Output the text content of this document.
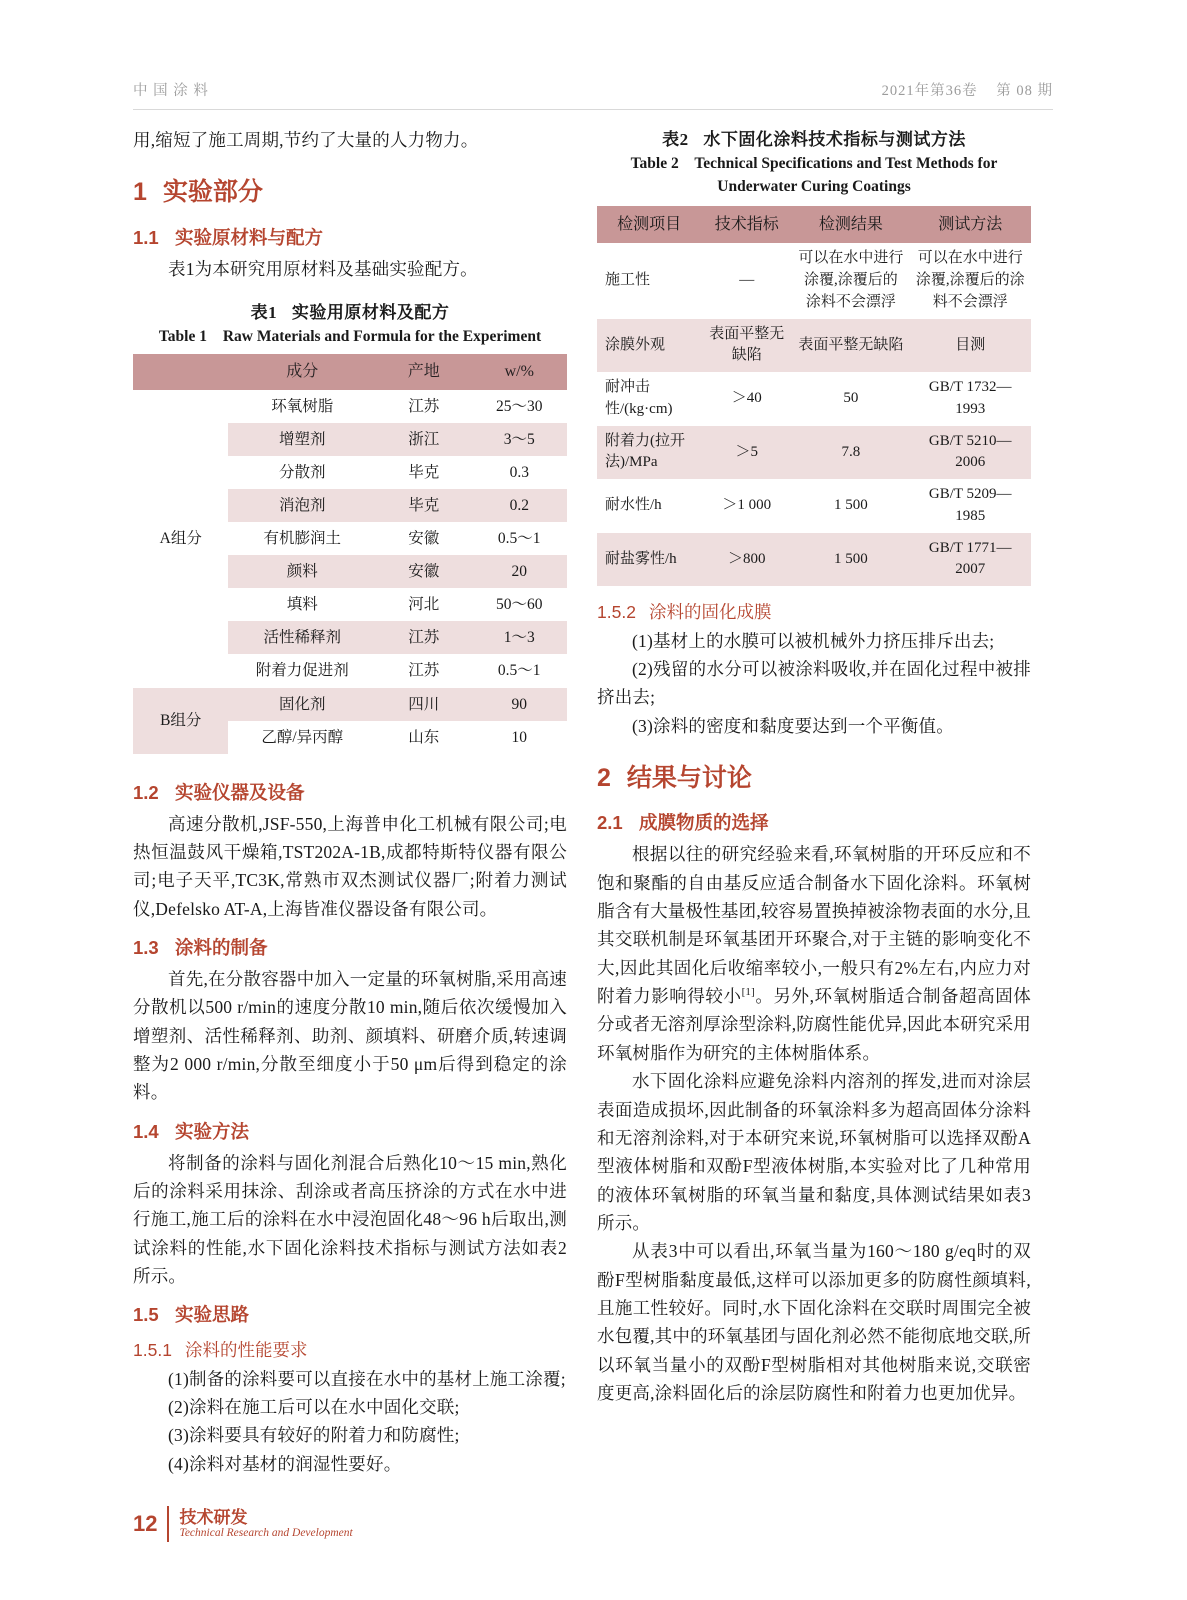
中 国 涂 料	2021年第36卷 第 08 期

用,缩短了施工周期,节约了大量的人力物力。

1 实验部分
1.1 实验原材料与配方

表1为本研究用原材料及基础实验配方。

表1 实验用原材料及配方
Table 1 Raw Materials and Formula for the Experiment
	成分	产地	w/%
A组分	环氧树脂	江苏	25～30
	增塑剂	浙江	3～5
	分散剂	毕克	0.3
	消泡剂	毕克	0.2
	有机膨润土	安徽	0.5～1
	颜料	安徽	20
	填料	河北	50～60
	活性稀释剂	江苏	1～3
	附着力促进剂	江苏	0.5～1
B组分	固化剂	四川	90
	乙醇/异丙醇	山东	10
1.2 实验仪器及设备

高速分散机,JSF-550,上海普申化工机械有限公司;电热恒温鼓风干燥箱,TST202A-1B,成都特斯特仪器有限公司;电子天平,TC3K,常熟市双杰测试仪器厂;附着力测试仪,Defelsko AT-A,上海皆准仪器设备有限公司。

1.3 涂料的制备

首先,在分散容器中加入一定量的环氧树脂,采用高速分散机以500 r/min的速度分散10 min,随后依次缓慢加入增塑剂、活性稀释剂、助剂、颜填料、研磨介质,转速调整为2 000 r/min,分散至细度小于50 μm后得到稳定的涂料。

1.4 实验方法

将制备的涂料与固化剂混合后熟化10～15 min,熟化后的涂料采用抹涂、刮涂或者高压挤涂的方式在水中进行施工,施工后的涂料在水中浸泡固化48～96 h后取出,测试涂料的性能,水下固化涂料技术指标与测试方法如表2所示。

1.5 实验思路
1.5.1 涂料的性能要求

(1)制备的涂料要可以直接在水中的基材上施工涂覆;

(2)涂料在施工后可以在水中固化交联;

(3)涂料要具有较好的附着力和防腐性;

(4)涂料对基材的润湿性要好。

表2 水下固化涂料技术指标与测试方法
Table 2 Technical Specifications and Test Methods for
Underwater Curing Coatings
检测项目	技术指标	检测结果	测试方法
施工性	—	可以在水中进行涂覆,涂覆后的涂料不会漂浮	可以在水中进行涂覆,涂覆后的涂料不会漂浮
涂膜外观	表面平整无缺陷	表面平整无缺陷	目测
耐冲击性/(kg·cm)	＞40	50	GB/T 1732—1993
附着力(拉开法)/MPa	＞5	7.8	GB/T 5210—2006
耐水性/h	＞1 000	1 500	GB/T 5209—1985
耐盐雾性/h	＞800	1 500	GB/T 1771—2007
1.5.2 涂料的固化成膜

(1)基材上的水膜可以被机械外力挤压排斥出去;

(2)残留的水分可以被涂料吸收,并在固化过程中被排挤出去;

(3)涂料的密度和黏度要达到一个平衡值。

2 结果与讨论
2.1 成膜物质的选择

根据以往的研究经验来看,环氧树脂的开环反应和不饱和聚酯的自由基反应适合制备水下固化涂料。环氧树脂含有大量极性基团,较容易置换掉被涂物表面的水分,且其交联机制是环氧基团开环聚合,对于主链的影响变化不大,因此其固化后收缩率较小,一般只有2%左右,内应力对附着力影响得较小[1]。另外,环氧树脂适合制备超高固体分或者无溶剂厚涂型涂料,防腐性能优异,因此本研究采用环氧树脂作为研究的主体树脂体系。

水下固化涂料应避免涂料内溶剂的挥发,进而对涂层表面造成损坏,因此制备的环氧涂料多为超高固体分涂料和无溶剂涂料,对于本研究来说,环氧树脂可以选择双酚A型液体树脂和双酚F型液体树脂,本实验对比了几种常用的液体环氧树脂的环氧当量和黏度,具体测试结果如表3所示。

从表3中可以看出,环氧当量为160～180 g/eq时的双酚F型树脂黏度最低,这样可以添加更多的防腐性颜填料,且施工性较好。同时,水下固化涂料在交联时周围完全被水包覆,其中的环氧基团与固化剂必然不能彻底地交联,所以环氧当量小的双酚F型树脂相对其他树脂来说,交联密度更高,涂料固化后的涂层防腐性和附着力也更加优异。

12 技术研发
Technical Research and Development
